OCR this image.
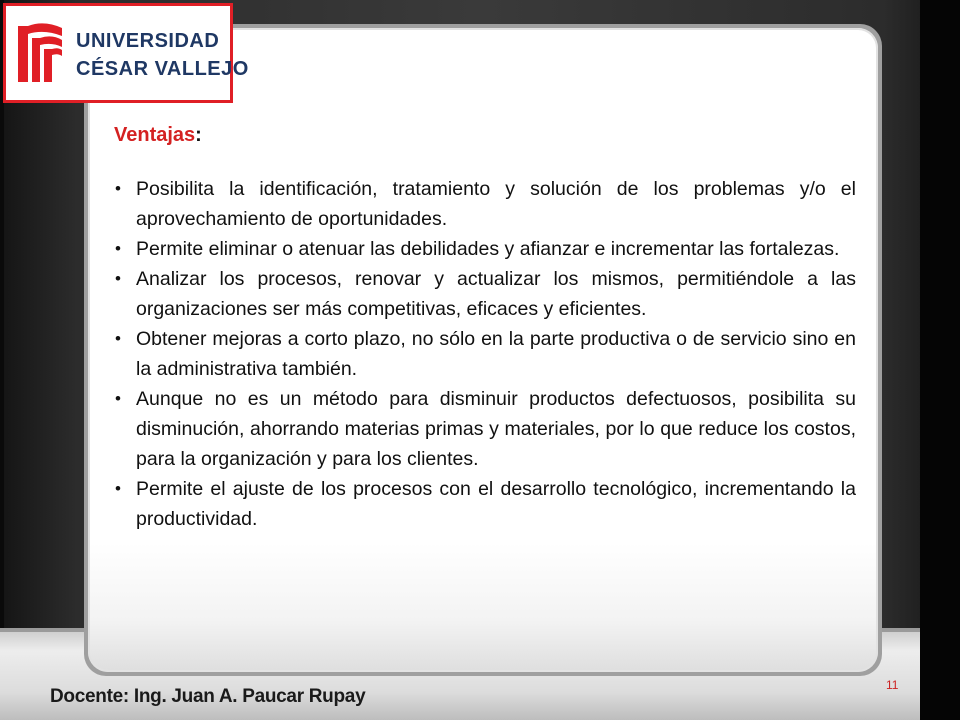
Docente: Ing. Juan A. Paucar Rupay
UNIVERSIDAD
CÉSAR VALLEJO
Ventajas:
• Posibilita la identificación, tratamiento y solución de los problemas y/o el aprovechamiento de oportunidades.
• Permite eliminar o atenuar las debilidades y afianzar e incrementar las fortalezas.
• Analizar los procesos, renovar y actualizar los mismos, permitiéndole a las organizaciones ser más competitivas, eficaces y eficientes.
• Obtener mejoras a corto plazo, no sólo en la parte productiva o de servicio sino en la administrativa también.
• Aunque no es un método para disminuir productos defectuosos, posibilita su disminución, ahorrando materias primas y materiales, por lo que reduce los costos, para la organización y para los clientes.
• Permite el ajuste de los procesos con el desarrollo tecnológico, incrementando la productividad.
11
